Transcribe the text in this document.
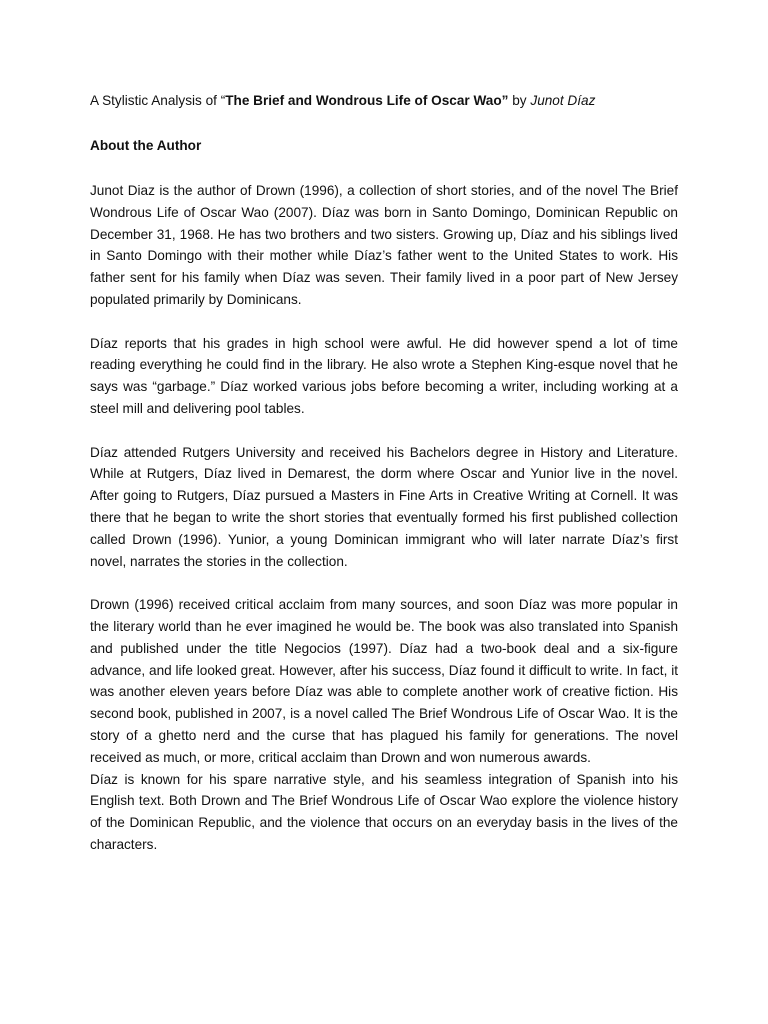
A Stylistic Analysis of “The Brief and Wondrous Life of Oscar Wao” by Junot Díaz
About the Author

Junot Diaz is the author of Drown (1996), a collection of short stories, and of the novel The Brief Wondrous Life of Oscar Wao (2007). Díaz was born in Santo Domingo, Dominican Republic on December 31, 1968. He has two brothers and two sisters. Growing up, Díaz and his siblings lived in Santo Domingo with their mother while Díaz’s father went to the United States to work. His father sent for his family when Díaz was seven. Their family lived in a poor part of New Jersey populated primarily by Dominicans.

Díaz reports that his grades in high school were awful. He did however spend a lot of time reading everything he could find in the library. He also wrote a Stephen King-esque novel that he says was “garbage.” Díaz worked various jobs before becoming a writer, including working at a steel mill and delivering pool tables.

Díaz attended Rutgers University and received his Bachelors degree in History and Literature. While at Rutgers, Díaz lived in Demarest, the dorm where Oscar and Yunior live in the novel. After going to Rutgers, Díaz pursued a Masters in Fine Arts in Creative Writing at Cornell. It was there that he began to write the short stories that eventually formed his first published collection called Drown (1996). Yunior, a young Dominican immigrant who will later narrate Díaz’s first novel, narrates the stories in the collection.

Drown (1996) received critical acclaim from many sources, and soon Díaz was more popular in the literary world than he ever imagined he would be. The book was also translated into Spanish and published under the title Negocios (1997). Díaz had a two-book deal and a six-figure advance, and life looked great. However, after his success, Díaz found it difficult to write. In fact, it was another eleven years before Díaz was able to complete another work of creative fiction. His second book, published in 2007, is a novel called The Brief Wondrous Life of Oscar Wao. It is the story of a ghetto nerd and the curse that has plagued his family for generations. The novel received as much, or more, critical acclaim than Drown and won numerous awards.

Díaz is known for his spare narrative style, and his seamless integration of Spanish into his English text. Both Drown and The Brief Wondrous Life of Oscar Wao explore the violence history of the Dominican Republic, and the violence that occurs on an everyday basis in the lives of the characters.
